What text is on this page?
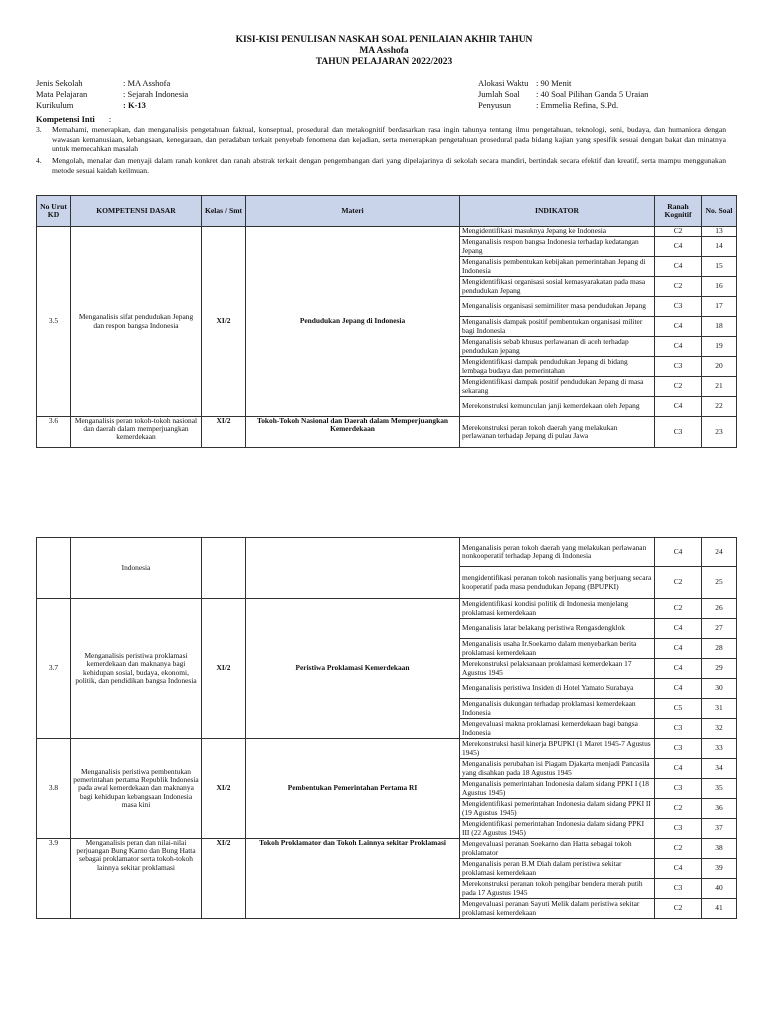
KISI-KISI PENULISAN NASKAH SOAL PENILAIAN AKHIR TAHUN
MA Asshofa
TAHUN PELAJARAN 2022/2023
Jenis Sekolah	: MA Asshofa
Mata Pelajaran	: Sejarah Indonesia
Kurikulum	: K-13
Alokasi Waktu : 90 Menit
Jumlah Soal : 40 Soal Pilihan Ganda 5 Uraian
Penyusun	: Emmelia Refina, S.Pd.
Kompetensi Inti :
3. Memahami, menerapkan, dan menganalisis pengetahuan faktual, konseptual, prosedural dan metakognitif berdasarkan rasa ingin tahunya tentang ilmu pengetahuan, teknologi, seni, budaya, dan humaniora dengan wawasan kemanusiaan, kebangsaan, kenegaraan, dan peradaban terkait penyebab fenomena dan kejadian, serta menerapkan pengetahuan prosedural pada bidang kajian yang spesifik sesuai dengan bakat dan minatnya untuk memecahkan masalah
4. Mengolah, menalar dan menyaji dalam ranah konkret dan ranah abstrak terkait dengan pengembangan dari yang dipelajarinya di sekolah secara mandiri, bertindak secara efektif dan kreatif, serta mampu menggunakan metode sesuai kaidah keilmuan.
No Urut KD	KOMPETENSI DASAR	Kelas / Smt	Materi	INDIKATOR	Ranah Kognitif	No. Soal
3.5	Menganalisis sifat pendudukan Jepang dan respon bangsa Indonesia	XI/2	Pendudukan Jepang di Indonesia	Mengidentifikasi masuknya Jepang ke Indonesia	C2	13
				Menganalisis respon bangsa Indonesia terhadap kedatangan Jepang	C4	14
				Menganalisis pembentukan kebijakan pemerintahan Jepang di Indonesia	C4	15
				Mengidentifikasi organisasi sosial kemasyarakatan pada masa pendudukan Jepang	C2	16
				Menganalisis organisasi semimiliter masa pendudukan Jepang	C3	17
				Menganalisis dampak positif pembentukan organisasi militer bagi Indonesia	C4	18
				Menganalisis sebab khusus perlawanan di aceh terhadap pendudukan jepang	C4	19
				Mengidentifikasi dampak pendudukan Jepang di bidang lembaga budaya dan pemerintahan	C3	20
				Mengidentifikasi dampak positif pendudukan Jepang di masa sekarang	C2	21
				Merekonstruksi kemunculan janji kemerdekaan oleh Jepang	C4	22
3.6	Menganalisis peran tokoh-tokoh nasional dan daerah dalam memperjuangkan kemerdekaan	XI/2	Tokoh-Tokoh Nasional dan Daerah dalam Memperjuangkan Kemerdekaan	Merekonstruksi peran tokoh daerah yang melakukan perlawanan terhadap Jepang di pulau Jawa	C3	23
	Indonesia			Menganalisis peran tokoh daerah yang melakukan perlawanan nonkooperatif terhadap Jepang di Indonesia	C4	24
				mengidentifikasi peranan tokoh nasionalis yang berjuang secara kooperatif pada masa pendudukan Jepang (BPUPKI)	C2	25
3.7	Menganalisis peristiwa proklamasi kemerdekaan dan maknanya bagi kehidupan sosial, budaya, ekonomi, politik, dan pendidikan bangsa Indonesia	XI/2	Peristiwa Proklamasi Kemerdekaan	Mengidentifikasi kondisi politik di Indonesia menjelang proklamasi kemerdekaan	C2	26
				Menganalisis latar belakang peristiwa Rengasdengklok	C4	27
				Menganalisis usaha Ir.Soekarno dalam menyebarkan berita proklamasi kemerdekaan	C4	28
				Merekonstruksi pelaksanaan proklamasi kemerdekaan 17 Agustus 1945	C4	29
				Menganalisis peristiwa Insiden di Hotel Yamato Surabaya	C4	30
				Menganalisis dukungan terhadap proklamasi kemerdekaan Indonesia	C5	31
				Mengevaluasi makna proklamasi kemerdekaan bagi bangsa Indonesia	C3	32
3.8	Menganalisis peristiwa pembentukan pemerintahan pertama Republik Indonesia pada awal kemerdekaan dan maknanya bagi kehidupan kebangsaan Indonesia masa kini	XI/2	Pembentukan Pemerintahan Pertama RI	Merekonstruksi hasil kinerja BPUPKI (1 Maret 1945-7 Agustus 1945)	C3	33
				Menganalisis perubahan isi Piagam Djakarta menjadi Pancasila yang disahkan pada 18 Agustus 1945	C4	34
				Menganalisis pemerintahan Indonesia dalam sidang PPKI I (18 Agustus 1945)	C3	35
				Mengidentifikasi pemerintahan Indonesia dalam sidang PPKI II (19 Agustus 1945)	C2	36
				Mengidentifikasi pemerintahan Indonesia dalam sidang PPKI III (22 Agustus 1945)	C3	37
3.9	Menganalisis peran dan nilai-nilai perjuangan Bung Karno dan Bung Hatta sebagai proklamator serta tokoh-tokoh lainnya sekitar proklamasi	XI/2	Tokoh Proklamator dan Tokoh Lainnya sekitar Proklamasi	Mengevaluasi peranan Soekarno dan Hatta sebagai tokoh proklamator	C2	38
				Menganalisis peran B.M Diah dalam peristiwa sekitar proklamasi kemerdekaan	C4	39
				Merekonstruksi peranan tokoh pengibar bendera merah putih pada 17 Agustus 1945	C3	40
				Mengevaluasi peranan Sayuti Melik dalam peristiwa sekitar proklamasi kemerdekaan	C2	41
